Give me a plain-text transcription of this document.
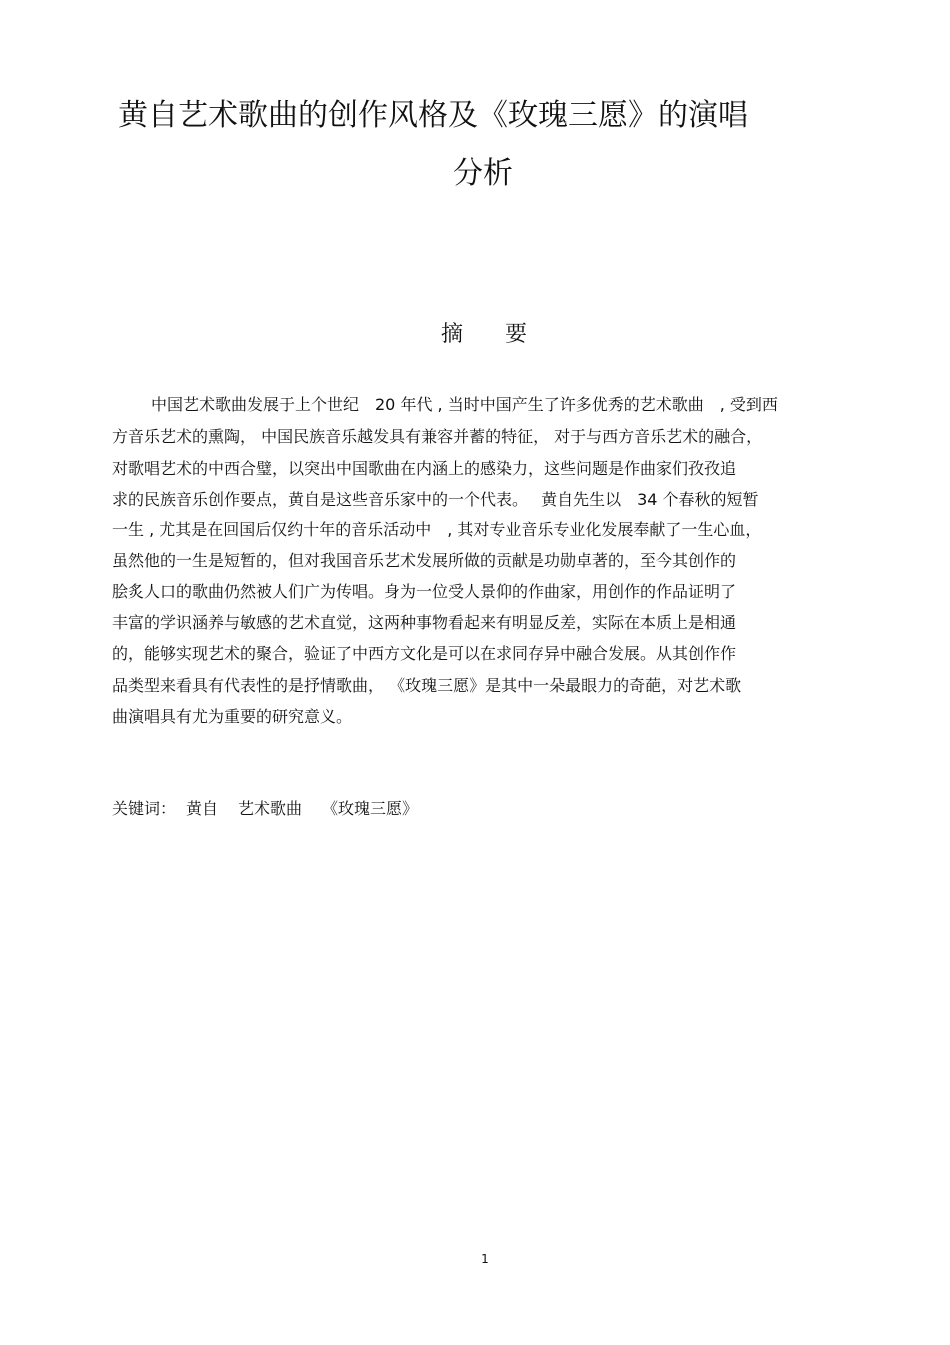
黄自艺术歌曲的创作风格及《玫瑰三愿》的演唱
分析
摘 要
中国艺术歌曲发展于上个世纪　20 年代 , 当时中国产生了许多优秀的艺术歌曲　, 受到西
方音乐艺术的熏陶， 中国民族音乐越发具有兼容并蓄的特征， 对于与西方音乐艺术的融合，
对歌唱艺术的中西合璧，以突出中国歌曲在内涵上的感染力，这些问题是作曲家们孜孜追
求的民族音乐创作要点，黄自是这些音乐家中的一个代表。　 黄自先生以　34 个春秋的短暂
一生 , 尤其是在回国后仅约十年的音乐活动中　, 其对专业音乐专业化发展奉献了一生心血，
虽然他的一生是短暂的，但对我国音乐艺术发展所做的贡献是功勋卓著的，至今其创作的
脍炙人口的歌曲仍然被人们广为传唱。身为一位受人景仰的作曲家，用创作的作品证明了
丰富的学识涵养与敏感的艺术直觉，这两种事物看起来有明显反差，实际在本质上是相通
的，能够实现艺术的聚合，验证了中西方文化是可以在求同存异中融合发展。从其创作作
品类型来看具有代表性的是抒情歌曲， 《玫瑰三愿》是其中一朵最眼力的奇葩，对艺术歌
曲演唱具有尤为重要的研究意义。
关键词： 黄自 艺术歌曲 《玫瑰三愿》
1
